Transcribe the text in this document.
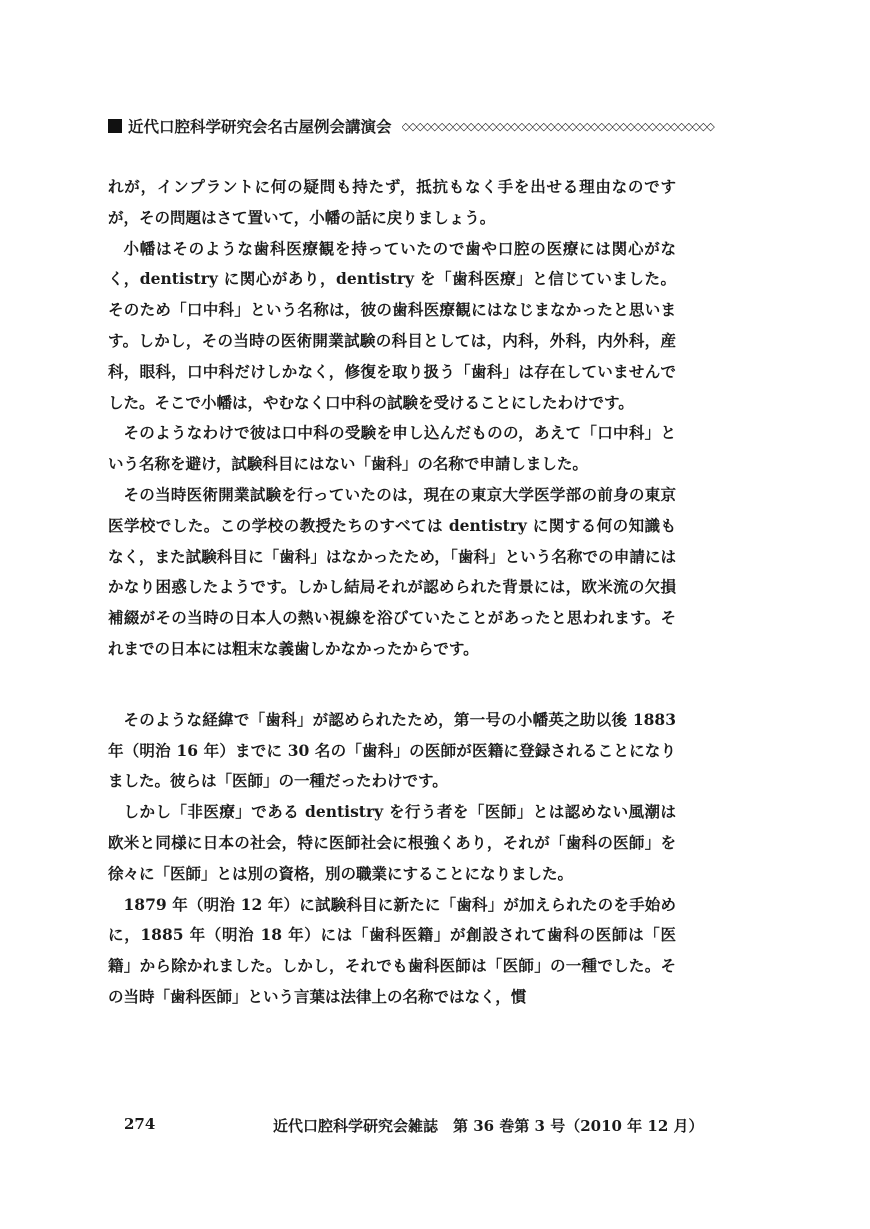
近代口腔科学研究会名古屋例会講演会 ◇◇◇◇◇◇◇◇◇◇◇◇◇◇◇◇◇◇◇◇◇◇◇◇◇◇◇◇◇◇◇◇◇◇◇◇◇◇◇◇◇◇◇

れが，インプラントに何の疑問も持たず，抵抗もなく手を出せる理由なのですが，その問題はさて置いて，小幡の話に戻りましょう。

小幡はそのような歯科医療観を持っていたので歯や口腔の医療には関心がなく，dentistry に関心があり，dentistry を「歯科医療」と信じていました。そのため「口中科」という名称は，彼の歯科医療観にはなじまなかったと思います。しかし，その当時の医術開業試験の科目としては，内科，外科，内外科，産科，眼科，口中科だけしかなく，修復を取り扱う「歯科」は存在していませんでした。そこで小幡は，やむなく口中科の試験を受けることにしたわけです。

そのようなわけで彼は口中科の受験を申し込んだものの，あえて「口中科」という名称を避け，試験科目にはない「歯科」の名称で申請しました。

その当時医術開業試験を行っていたのは，現在の東京大学医学部の前身の東京医学校でした。この学校の教授たちのすべては dentistry に関する何の知識もなく，また試験科目に「歯科」はなかったため，「歯科」という名称での申請にはかなり困惑したようです。しかし結局それが認められた背景には，欧米流の欠損補綴がその当時の日本人の熱い視線を浴びていたことがあったと思われます。それまでの日本には粗末な義歯しかなかったからです。

そのような経緯で「歯科」が認められたため，第一号の小幡英之助以後 1883 年（明治 16 年）までに 30 名の「歯科」の医師が医籍に登録されることになりました。彼らは「医師」の一種だったわけです。

しかし「非医療」である dentistry を行う者を「医師」とは認めない風潮は欧米と同様に日本の社会，特に医師社会に根強くあり，それが「歯科の医師」を徐々に「医師」とは別の資格，別の職業にすることになりました。

1879 年（明治 12 年）に試験科目に新たに「歯科」が加えられたのを手始めに，1885 年（明治 18 年）には「歯科医籍」が創設されて歯科の医師は「医籍」から除かれました。しかし，それでも歯科医師は「医師」の一種でした。その当時「歯科医師」という言葉は法律上の名称ではなく，慣

274	近代口腔科学研究会雑誌　第 36 巻第 3 号（2010 年 12 月）
